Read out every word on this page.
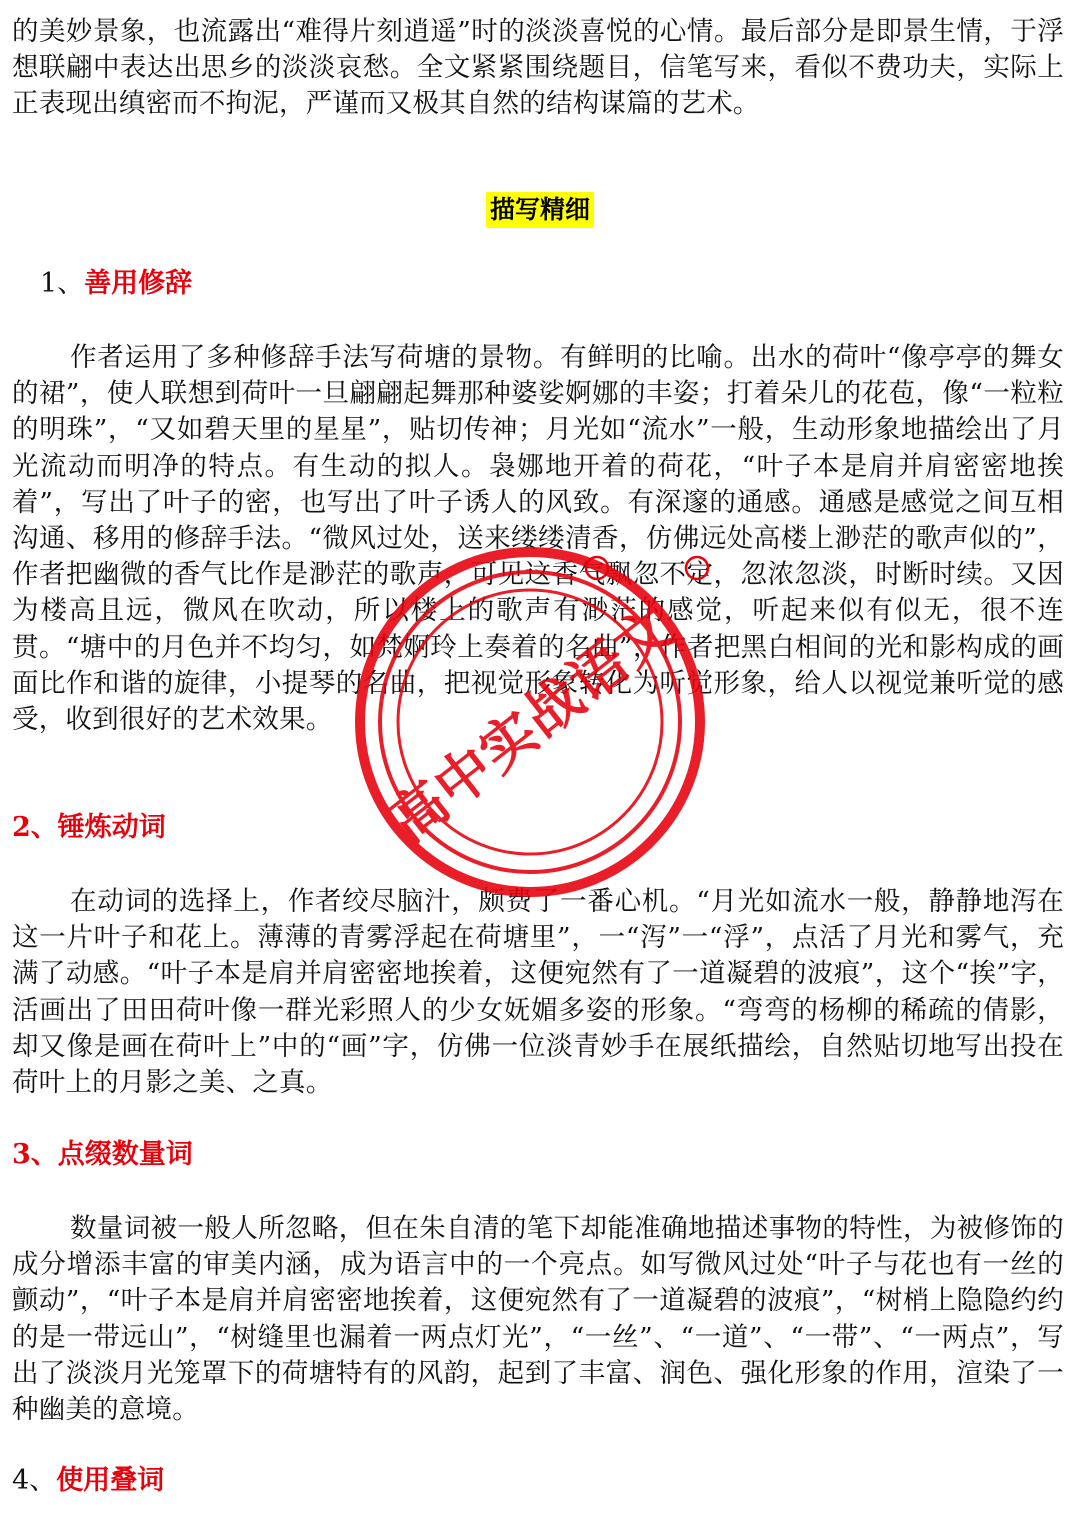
的美妙景象，也流露出“难得片刻逍遥”时的淡淡喜悦的心情。最后部分是即景生情，于浮想联翩中表达出思乡的淡淡哀愁。全文紧紧围绕题目，信笔写来，看似不费功夫，实际上正表现出缜密而不拘泥，严谨而又极其自然的结构谋篇的艺术。

描写精细

1、善用修辞

作者运用了多种修辞手法写荷塘的景物。有鲜明的比喻。出水的荷叶“像亭亭的舞女的裙”，使人联想到荷叶一旦翩翩起舞那种婆娑婀娜的丰姿；打着朵儿的花苞，像“一粒粒的明珠”，“又如碧天里的星星”，贴切传神；月光如“流水”一般，生动形象地描绘出了月光流动而明净的特点。有生动的拟人。袅娜地开着的荷花，“叶子本是肩并肩密密地挨着”，写出了叶子的密，也写出了叶子诱人的风致。有深邃的通感。通感是感觉之间互相沟通、移用的修辞手法。“微风过处，送来缕缕清香，仿佛远处高楼上渺茫的歌声似的”，作者把幽微的香气比作是渺茫的歌声，可见这香气飘忽不定，忽浓忽淡，时断时续。又因为楼高且远，微风在吹动，所以楼上的歌声有渺茫的感觉，听起来似有似无，很不连贯。“塘中的月色并不均匀，如梵婀玲上奏着的名曲”，作者把黑白相间的光和影构成的画面比作和谐的旋律，小提琴的名曲，把视觉形象转化为听觉形象，给人以视觉兼听觉的感受，收到很好的艺术效果。

2、锤炼动词

在动词的选择上，作者绞尽脑汁，颇费了一番心机。“月光如流水一般，静静地泻在这一片叶子和花上。薄薄的青雾浮起在荷塘里”，一“泻”一“浮”，点活了月光和雾气，充满了动感。“叶子本是肩并肩密密地挨着，这便宛然有了一道凝碧的波痕”，这个“挨”字，活画出了田田荷叶像一群光彩照人的少女妩媚多姿的形象。“弯弯的杨柳的稀疏的倩影，却又像是画在荷叶上”中的“画”字，仿佛一位淡青妙手在展纸描绘，自然贴切地写出投在荷叶上的月影之美、之真。

3、点缀数量词

数量词被一般人所忽略，但在朱自清的笔下却能准确地描述事物的特性，为被修饰的成分增添丰富的审美内涵，成为语言中的一个亮点。如写微风过处“叶子与花也有一丝的颤动”，“叶子本是肩并肩密密地挨着，这便宛然有了一道凝碧的波痕”，“树梢上隐隐约约的是一带远山”，“树缝里也漏着一两点灯光”，“一丝”、“一道”、“一带”、“一两点”，写出了淡淡月光笼罩下的荷塘特有的风韵，起到了丰富、润色、强化形象的作用，渲染了一种幽美的意境。

4、使用叠词

高中实战语文
